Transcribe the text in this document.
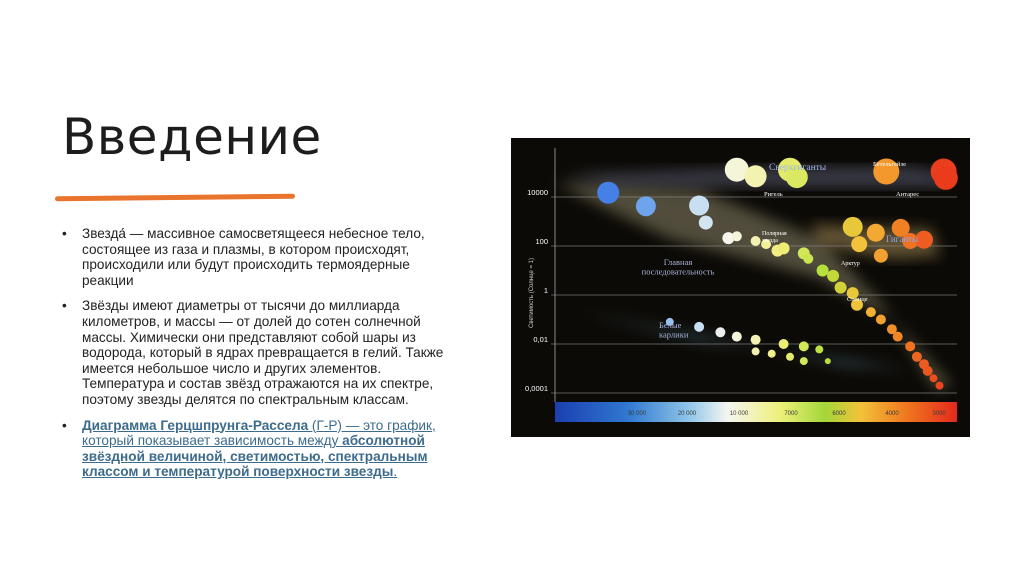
Введение
• Звезда́ — массивное самосветящееся небесное тело, состоящее из газа и плазмы, в котором происходят, происходили или будут происходить термоядерные реакции
• Звёзды имеют диаметры от тысячи до миллиарда километров, и массы — от долей до сотен солнечной массы. Химически они представляют собой шары из водорода, который в ядрах превращается в гелий. Также имеется небольшое число и других элементов. Температура и состав звёзд отражаются на их спектре, поэтому звезды делятся по спектральным классам.
• Диаграмма Герцшпрунга-Рассела (Г-Р) — это график, который показывает зависимость между абсолютной звёздной величиной, светимостью, спектральным классом и температурой поверхности звезды.
10000
100
1
0,01
0,0001
Светимость (Солнце = 1)
30 000	20 000	10 000	7000	6000	4000	3000
Сверхгиганты
Гиганты
Главная последовательность
Белые карлики
Бетельгейзе
Антарес
Ригель
Полярная звезда
Арктур
Солнце
